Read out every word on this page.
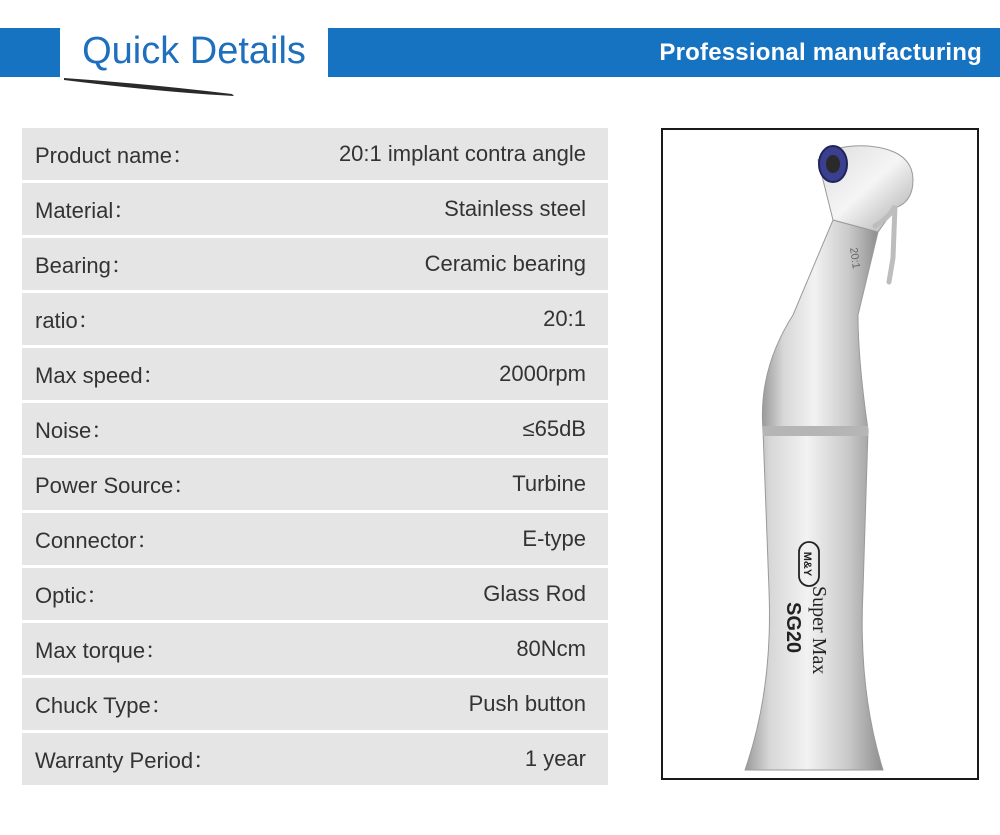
Professional manufacturing
Quick Details
Product name：	20:1 implant contra angle
Material：	Stainless steel
Bearing：	Ceramic bearing
ratio：	20:1
Max speed：	2000rpm
Noise：	≤65dB
Power Source：	Turbine
Connector：	E-type
Optic：	Glass Rod
Max torque：	80Ncm
Chuck Type：	Push button
Warranty Period：	1 year
20:1
M&Y
Super Max
SG20
